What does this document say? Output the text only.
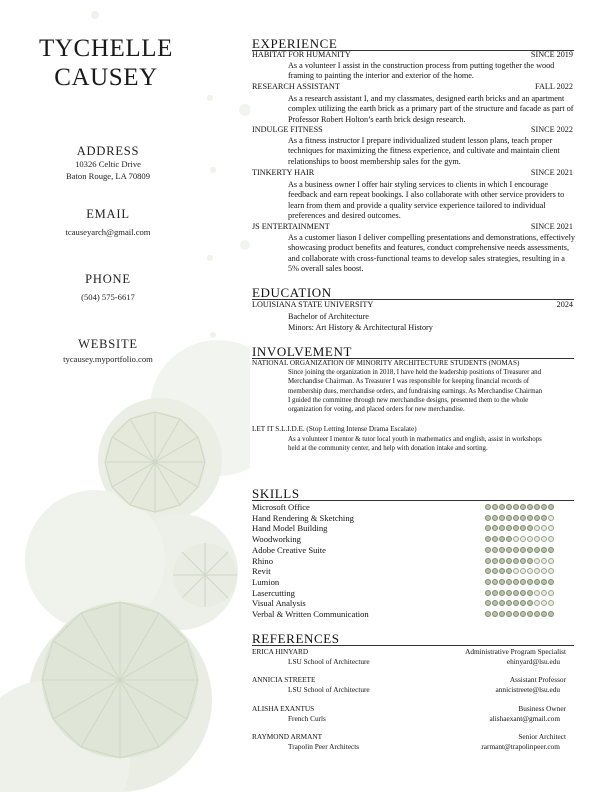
TYCHELLE
CAUSEY
ADDRESS
10326 Celtic Drive
Baton Rouge, LA 70809
EMAIL
tcauseyarch@gmail.com
PHONE
(504) 575-6617
WEBSITE
tycausey.myportfolio.com
EXPERIENCE
HABITAT FOR HUMANITY	SINCE 2019
As a volunteer I assist in the construction process from putting together the wood framing to painting the interior and exterior of the home.
RESEARCH ASSISTANT	FALL 2022
As a research assistant I, and my classmates, designed earth bricks and an apartment complex utilizing the earth brick as a primary part of the structure and facade as part of Professor Robert Holton’s earth brick design research.
INDULGE FITNESS	SINCE 2022
As a fitness instructor I prepare individualized student lesson plans, teach proper techniques for maximizing the fitness experience, and cultivate and maintain client relationships to boost membership sales for the gym.
TINKERTY HAIR	SINCE 2021
As a business owner I offer hair styling services to clients in which I encourage feedback and earn repeat bookings. I also collaborate with other service providers to learn from them and provide a quality service experience tailored to individual preferences and desired outcomes.
JS ENTERTAINMENT	SINCE 2021
As a customer liason I deliver compelling presentations and demonstrations, effectively showcasing product benefits and features, conduct comprehensive needs assessments, and collaborate with cross-functional teams to develop sales strategies, resulting in a 5% overall sales boost.
EDUCATION
LOUISIANA STATE UNIVERSITY	2024
Bachelor of Architecture
Minors: Art History & Architectural History
INVOLVEMENT
NATIONAL ORGANIZATION OF MINORITY ARCHITECTURE STUDENTS (NOMAS)
Since joining the organization in 2018, I have held the leadership positions of Treasurer and Merchandise Chairman. As Treasurer I was responsible for keeping financial records of membership dues, merchandise orders, and fundraising earnings. As Merchandise Chairman I guided the committee through new merchandise designs, presented them to the whole organization for voting, and placed orders for new merchandise.
LET IT S.L.I.D.E. (Stop Letting Intense Drama Escalate)
As a volunteer I mentor & tutor local youth in mathematics and english, assist in workshops held at the community center, and help with donation intake and sorting.
SKILLS
Microsoft Office
Hand Rendering & Sketching
Hand Model Building
Woodworking
Adobe Creative Suite
Rhino
Revit
Lumion
Lasercutting
Visual Analysis
Verbal & Written Communication
REFERENCES
ERICA HINYARD	Administrative Program Specialist
LSU School of Architecture	ehinyard@lsu.edu
ANNICIA STREETE	Assistant Professor
LSU School of Architecture	annicistreete@lsu.edu
ALISHA EXANTUS	Business Owner
French Curls	alishaexant@gmail.com
RAYMOND ARMANT	Senior Architect
Trapolin Peer Architects	rarmant@trapolinpeer.com
